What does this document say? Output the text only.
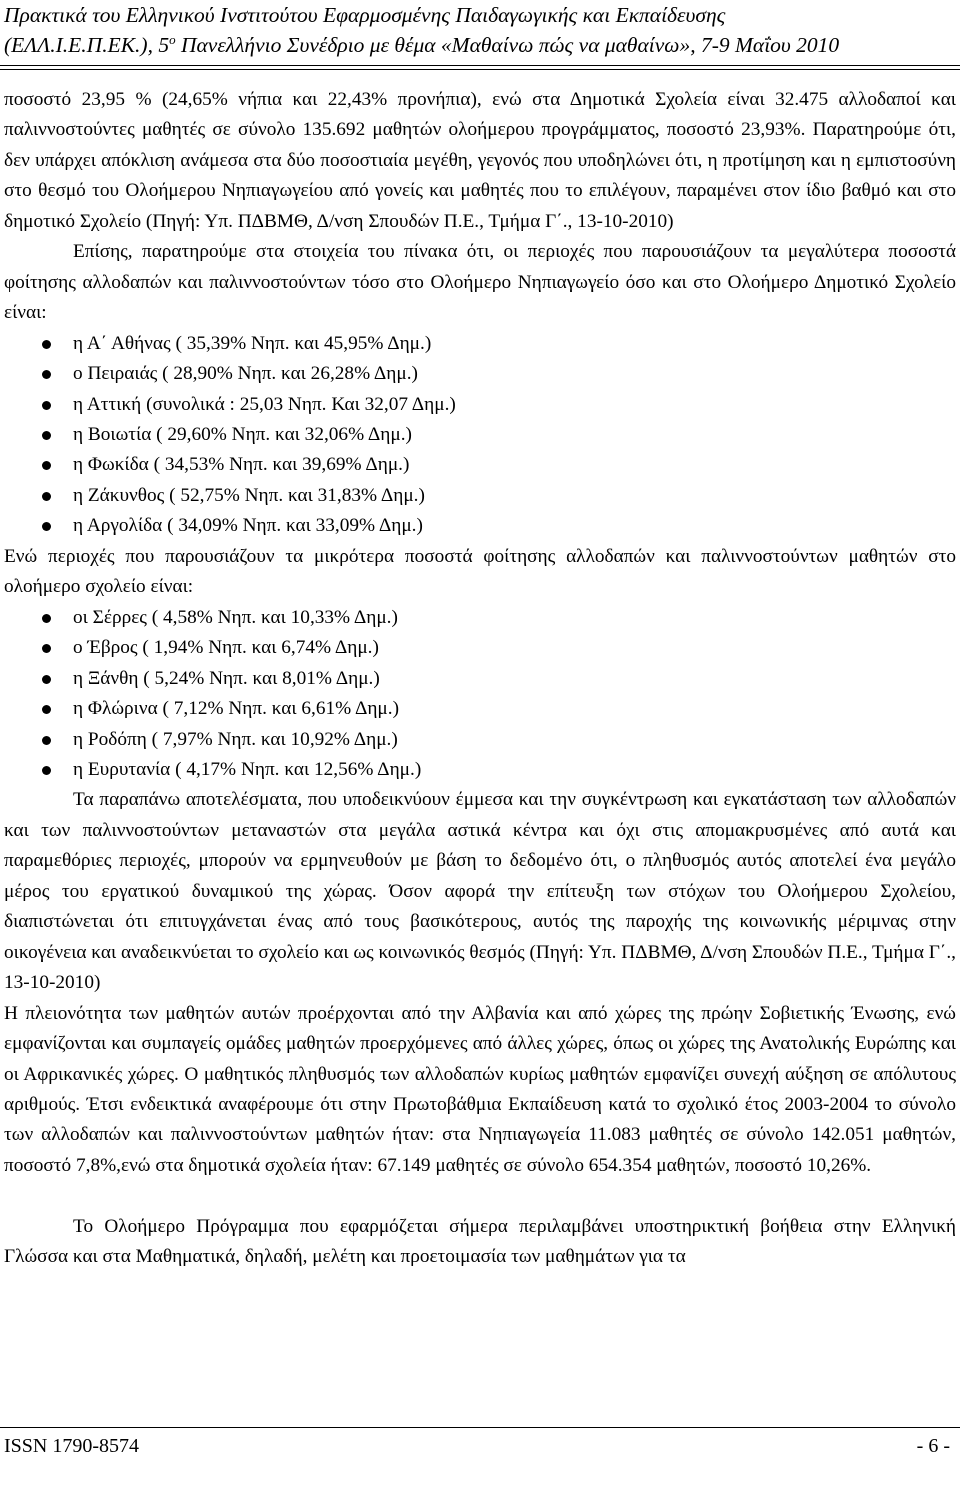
Πρακτικά του Ελληνικού Ινστιτούτου Εφαρμοσμένης Παιδαγωγικής και Εκπαίδευσης
(ΕΛΛ.Ι.Ε.Π.ΕΚ.), $5^o$ Πανελλήνιο Συνέδριο με θέμα «Μαθαίνω πώς να μαθαίνω», 7-9 Μαΐου 2010

ποσοστό 23,95 % (24,65% νήπια και 22,43% προνήπια), ενώ στα Δημοτικά Σχολεία είναι 32.475 αλλοδαποί και παλιννοστούντες μαθητές σε σύνολο 135.692 μαθητών ολοήμερου προγράμματος, ποσοστό 23,93%. Παρατηρούμε ότι, δεν υπάρχει απόκλιση ανάμεσα στα δύο ποσοστιαία μεγέθη, γεγονός που υποδηλώνει ότι, η προτίμηση και η εμπιστοσύνη στο θεσμό του Ολοήμερου Νηπιαγωγείου από γονείς και μαθητές που το επιλέγουν, παραμένει στον ίδιο βαθμό και στο δημοτικό Σχολείο (Πηγή: Υπ. ΠΔΒΜΘ, Δ/νση Σπουδών Π.Ε., Τμήμα Γ΄., 13-10-2010)

Επίσης, παρατηρούμε στα στοιχεία του πίνακα ότι, οι περιοχές που παρουσιάζουν τα μεγαλύτερα ποσοστά φοίτησης αλλοδαπών και παλιννοστούντων τόσο στο Ολοήμερο Νηπιαγωγείο όσο και στο Ολοήμερο Δημοτικό Σχολείο είναι:

η Α΄ Αθήνας ( 35,39% Νηπ. και 45,95% Δημ.)
ο Πειραιάς ( 28,90% Νηπ. και 26,28% Δημ.)
η Αττική (συνολικά : 25,03 Νηπ. Και 32,07 Δημ.)
η Βοιωτία ( 29,60% Νηπ. και 32,06% Δημ.)
η Φωκίδα ( 34,53% Νηπ. και 39,69% Δημ.)
η Ζάκυνθος ( 52,75% Νηπ. και 31,83% Δημ.)
η Αργολίδα ( 34,09% Νηπ. και 33,09% Δημ.)

Ενώ περιοχές που παρουσιάζουν τα μικρότερα ποσοστά φοίτησης αλλοδαπών και παλιννοστούντων μαθητών στο ολοήμερο σχολείο είναι:

οι Σέρρες ( 4,58% Νηπ. και 10,33% Δημ.)
ο Έβρος ( 1,94% Νηπ. και 6,74% Δημ.)
η Ξάνθη ( 5,24% Νηπ. και 8,01% Δημ.)
η Φλώρινα ( 7,12% Νηπ. και 6,61% Δημ.)
η Ροδόπη ( 7,97% Νηπ. και 10,92% Δημ.)
η Ευρυτανία ( 4,17% Νηπ. και 12,56% Δημ.)

Τα παραπάνω αποτελέσματα, που υποδεικνύουν έμμεσα και την συγκέντρωση και εγκατάσταση των αλλοδαπών και των παλιννοστούντων μεταναστών στα μεγάλα αστικά κέντρα και όχι στις απομακρυσμένες από αυτά και παραμεθόριες περιοχές, μπορούν να ερμηνευθούν με βάση το δεδομένο ότι, ο πληθυσμός αυτός αποτελεί ένα μεγάλο μέρος του εργατικού δυναμικού της χώρας. Όσον αφορά την επίτευξη των στόχων του Ολοήμερου Σχολείου, διαπιστώνεται ότι επιτυγχάνεται ένας από τους βασικότερους, αυτός της παροχής της κοινωνικής μέριμνας στην οικογένεια και αναδεικνύεται το σχολείο και ως κοινωνικός θεσμός (Πηγή: Υπ. ΠΔΒΜΘ, Δ/νση Σπουδών Π.Ε., Τμήμα Γ΄., 13-10-2010)

Η πλειονότητα των μαθητών αυτών προέρχονται από την Αλβανία και από χώρες της πρώην Σοβιετικής Ένωσης, ενώ εμφανίζονται και συμπαγείς ομάδες μαθητών προερχόμενες από άλλες χώρες, όπως οι χώρες της Ανατολικής Ευρώπης και οι Αφρικανικές χώρες. Ο μαθητικός πληθυσμός των αλλοδαπών κυρίως μαθητών εμφανίζει συνεχή αύξηση σε απόλυτους αριθμούς. Έτσι ενδεικτικά αναφέρουμε ότι στην Πρωτοβάθμια Εκπαίδευση κατά το σχολικό έτος 2003-2004 το σύνολο των αλλοδαπών και παλιννοστούντων μαθητών ήταν: στα Νηπιαγωγεία 11.083 μαθητές σε σύνολο 142.051 μαθητών, ποσοστό 7,8%,ενώ στα δημοτικά σχολεία ήταν: 67.149 μαθητές σε σύνολο 654.354 μαθητών, ποσοστό 10,26%.

Το Ολοήμερο Πρόγραμμα που εφαρμόζεται σήμερα περιλαμβάνει υποστηρικτική βοήθεια στην Ελληνική Γλώσσα και στα Μαθηματικά, δηλαδή, μελέτη και προετοιμασία των μαθημάτων για τα

ISSN 1790-8574	- 6 -
